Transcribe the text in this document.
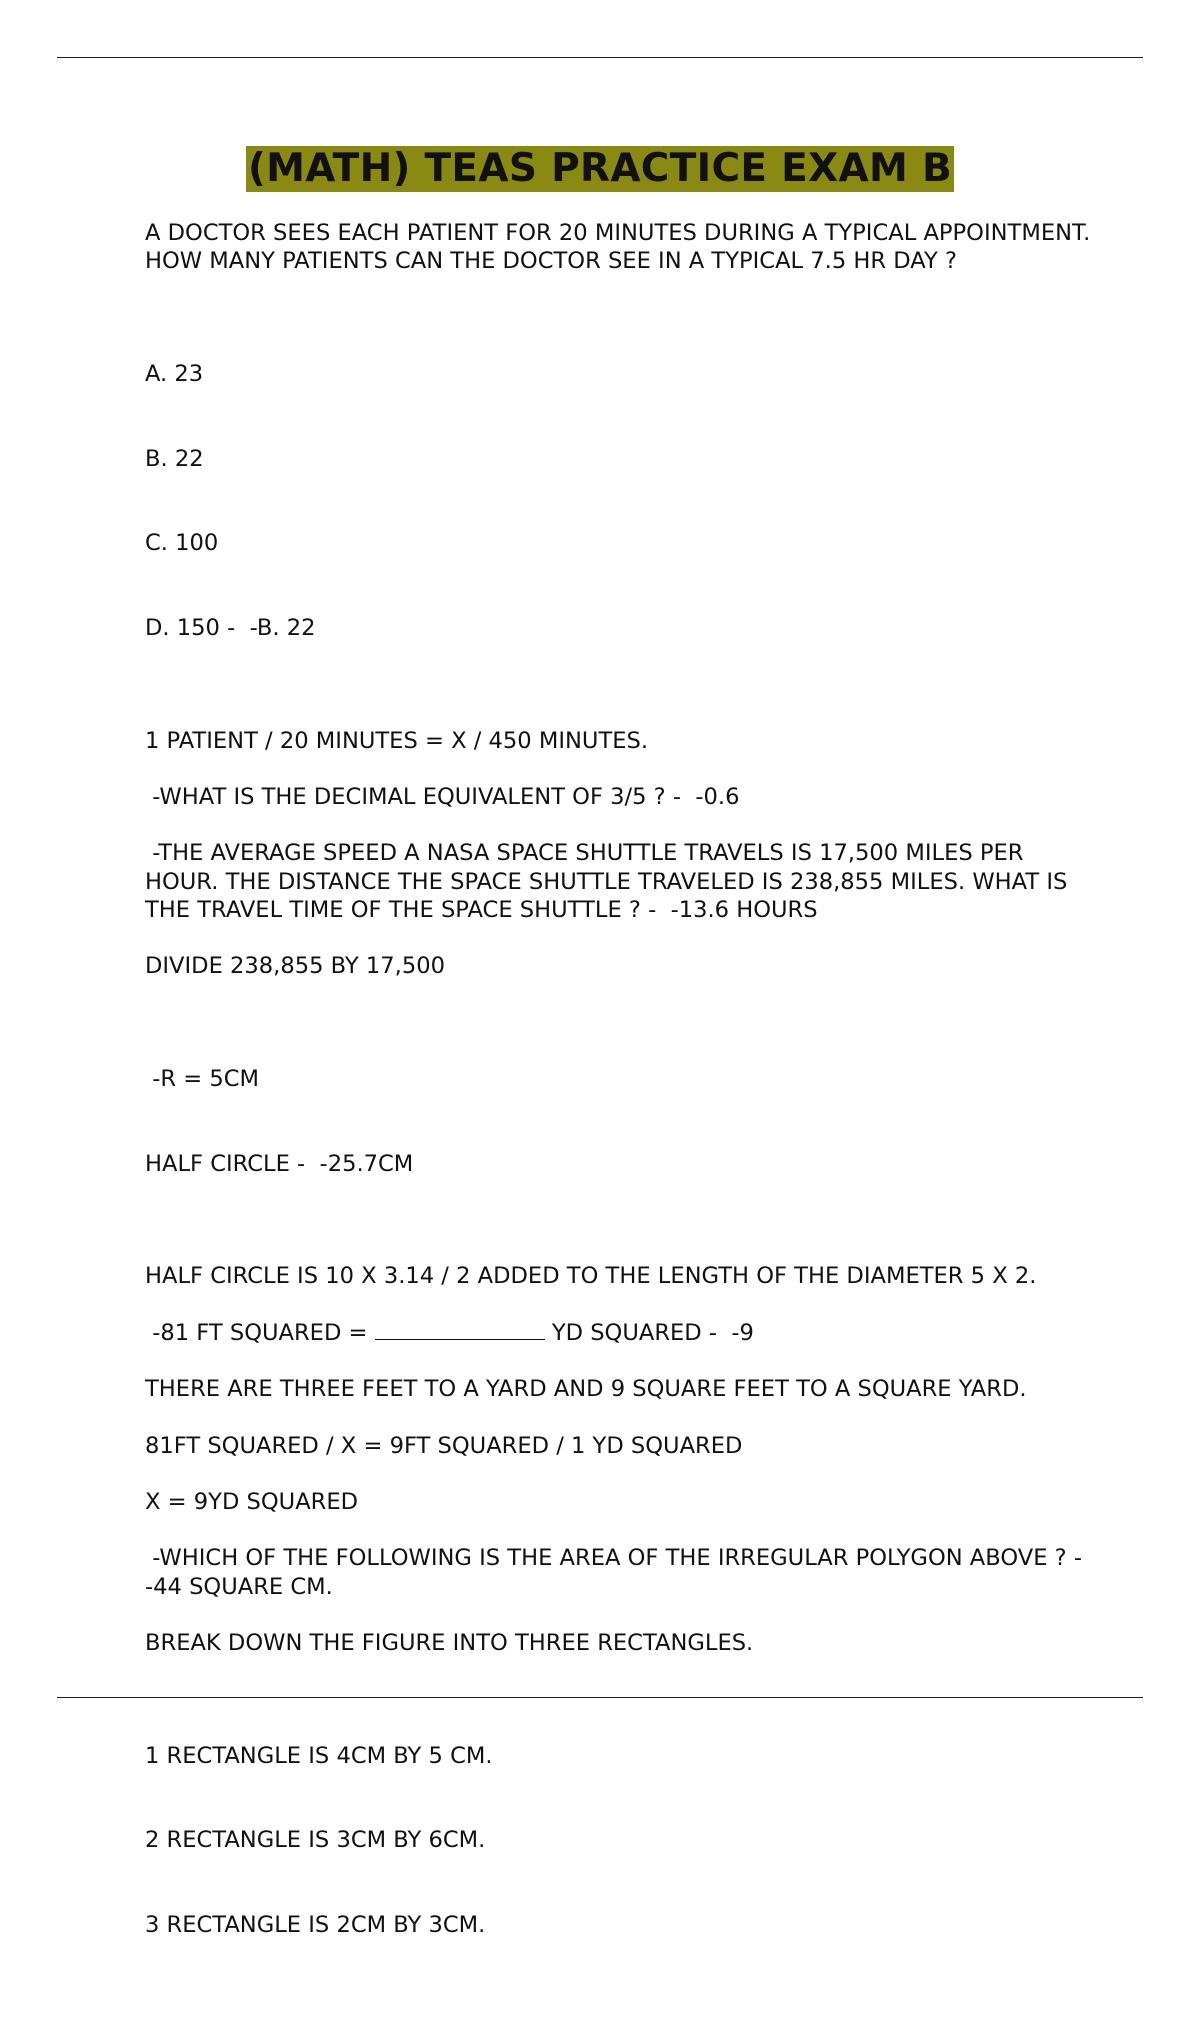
(MATH) TEAS PRACTICE EXAM B
A DOCTOR SEES EACH PATIENT FOR 20 MINUTES DURING A TYPICAL APPOINTMENT. HOW MANY PATIENTS CAN THE DOCTOR SEE IN A TYPICAL 7.5 HR DAY ?

A. 23

B. 22

C. 100

D. 150 -  -B. 22

1 PATIENT / 20 MINUTES = X / 450 MINUTES.
-WHAT IS THE DECIMAL EQUIVALENT OF 3/5 ? -  -0.6
-THE AVERAGE SPEED A NASA SPACE SHUTTLE TRAVELS IS 17,500 MILES PER HOUR. THE DISTANCE THE SPACE SHUTTLE TRAVELED IS 238,855 MILES. WHAT IS THE TRAVEL TIME OF THE SPACE SHUTTLE ? -  -13.6 HOURS
DIVIDE 238,855 BY 17,500

-R = 5CM

HALF CIRCLE -  -25.7CM

HALF CIRCLE IS 10 X 3.14 / 2 ADDED TO THE LENGTH OF THE DIAMETER 5 X 2.
-81 FT SQUARED =	YD SQUARED -  -9
THERE ARE THREE FEET TO A YARD AND 9 SQUARE FEET TO A SQUARE YARD.
81FT SQUARED / X = 9FT SQUARED / 1 YD SQUARED
X = 9YD SQUARED
-WHICH OF THE FOLLOWING IS THE AREA OF THE IRREGULAR POLYGON ABOVE ? -  -44 SQUARE CM.
BREAK DOWN THE FIGURE INTO THREE RECTANGLES.

1 RECTANGLE IS 4CM BY 5 CM.

2 RECTANGLE IS 3CM BY 6CM.

3 RECTANGLE IS 2CM BY 3CM.
